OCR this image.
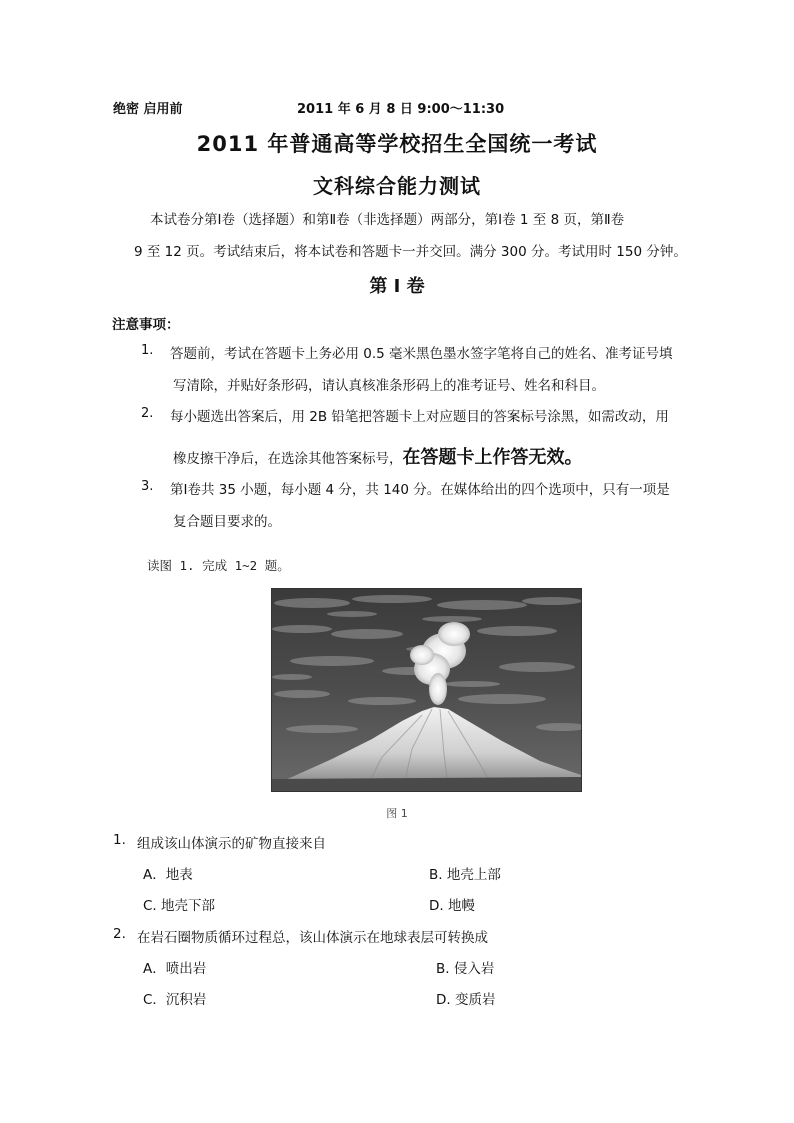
绝密 启用前	2011 年 6 月 8 日 9:00～11:30
2011 年普通高等学校招生全国统一考试
文科综合能力测试
本试卷分第Ⅰ卷（选择题）和第Ⅱ卷（非选择题）两部分，第Ⅰ卷 1 至 8 页，第Ⅱ卷
9 至 12 页。考试结束后，将本试卷和答题卡一并交回。满分 300 分。考试用时 150 分钟。
第 I 卷
注意事项：
1. 答题前，考试在答题卡上务必用 0.5 毫米黑色墨水签字笔将自己的姓名、准考证号填
写清除，并贴好条形码，请认真核准条形码上的准考证号、姓名和科目。
2. 每小题选出答案后，用 2B 铅笔把答题卡上对应题目的答案标号涂黑，如需改动，用
橡皮擦干净后，在选涂其他答案标号，在答题卡上作答无效。
3. 第Ⅰ卷共 35 小题，每小题 4 分，共 140 分。在媒体给出的四个选项中，只有一项是
复合题目要求的。
读图 1. 完成 1~2 题。
图 1
1. 组成该山体演示的矿物直接来自
A．地表	B. 地壳上部
C. 地壳下部	D. 地幔
2. 在岩石圈物质循环过程总，该山体演示在地球表层可转换成
A．喷出岩	B. 侵入岩
C．沉积岩	D. 变质岩
